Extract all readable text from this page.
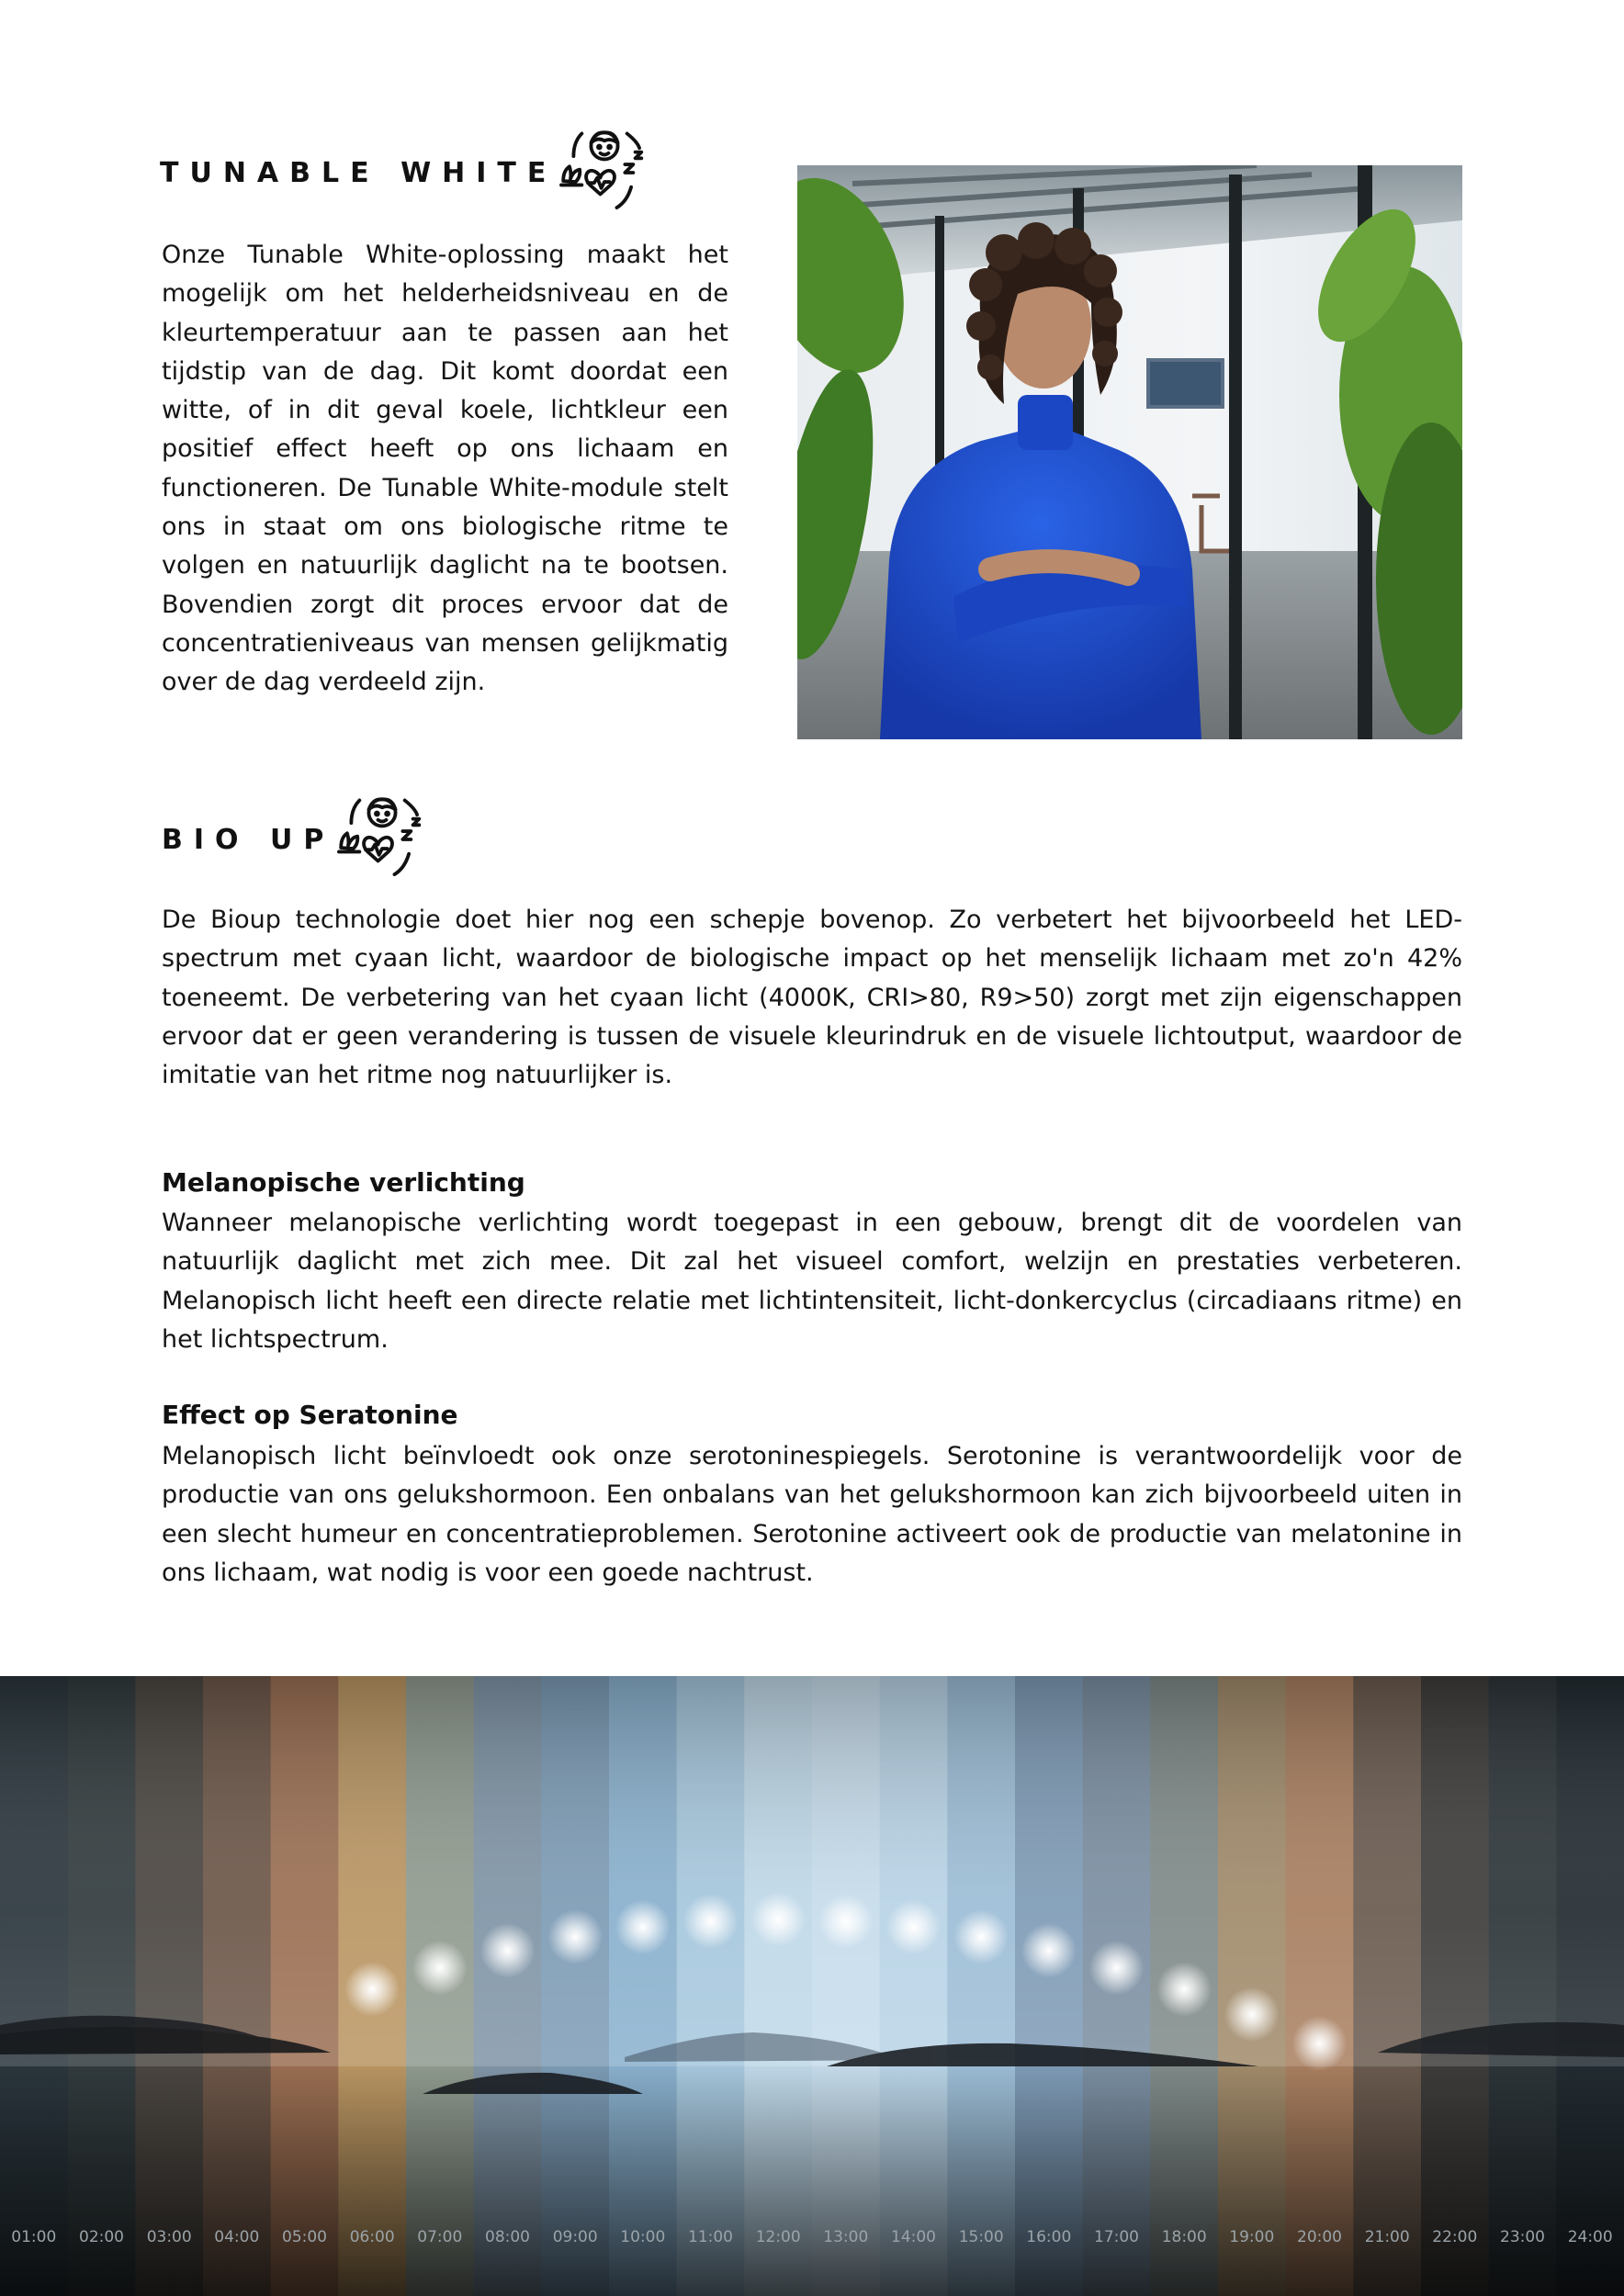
TUNABLE WHITE

Onze Tunable White-oplossing maakt het mogelijk om het helderheidsniveau en de kleurtemperatuur aan te passen aan het tijdstip van de dag. Dit komt doordat een witte, of in dit geval koele, lichtkleur een positief effect heeft op ons lichaam en functioneren. De Tunable White-module stelt ons in staat om ons biologische ritme te volgen en natuurlijk daglicht na te bootsen. Bovendien zorgt dit proces ervoor dat de concentratieniveaus van mensen gelijkmatig over de dag verdeeld zijn.

BIO UP

De Bioup technologie doet hier nog een schepje bovenop. Zo verbetert het bijvoorbeeld het LED-spectrum met cyaan licht, waardoor de biologische impact op het menselijk lichaam met zo'n 42% toeneemt. De verbetering van het cyaan licht (4000K, CRI>80, R9>50) zorgt met zijn eigenschappen ervoor dat er geen verandering is tussen de visuele kleurindruk en de visuele lichtoutput, waardoor de imitatie van het ritme nog natuurlijker is.

Melanopische verlichting

Wanneer melanopische verlichting wordt toegepast in een gebouw, brengt dit de voordelen van natuurlijk daglicht met zich mee. Dit zal het visueel comfort, welzijn en prestaties verbeteren. Melanopisch licht heeft een directe relatie met lichtintensiteit, licht-donkercyclus (circadiaans ritme) en het lichtspectrum.

Effect op Seratonine

Melanopisch licht beïnvloedt ook onze serotoninespiegels. Serotonine is verantwoordelijk voor de productie van ons gelukshormoon. Een onbalans van het gelukshormoon kan zich bijvoorbeeld uiten in een slecht humeur en concentratieproblemen. Serotonine activeert ook de productie van melatonine in ons lichaam, wat nodig is voor een goede nachtrust.

01:00 02:00 03:00 04:00 05:00 06:00 07:00 08:00 09:00 10:00 11:00 12:00 13:00 14:00 15:00 16:00 17:00 18:00 19:00 20:00 21:00 22:00 23:00 24:00
